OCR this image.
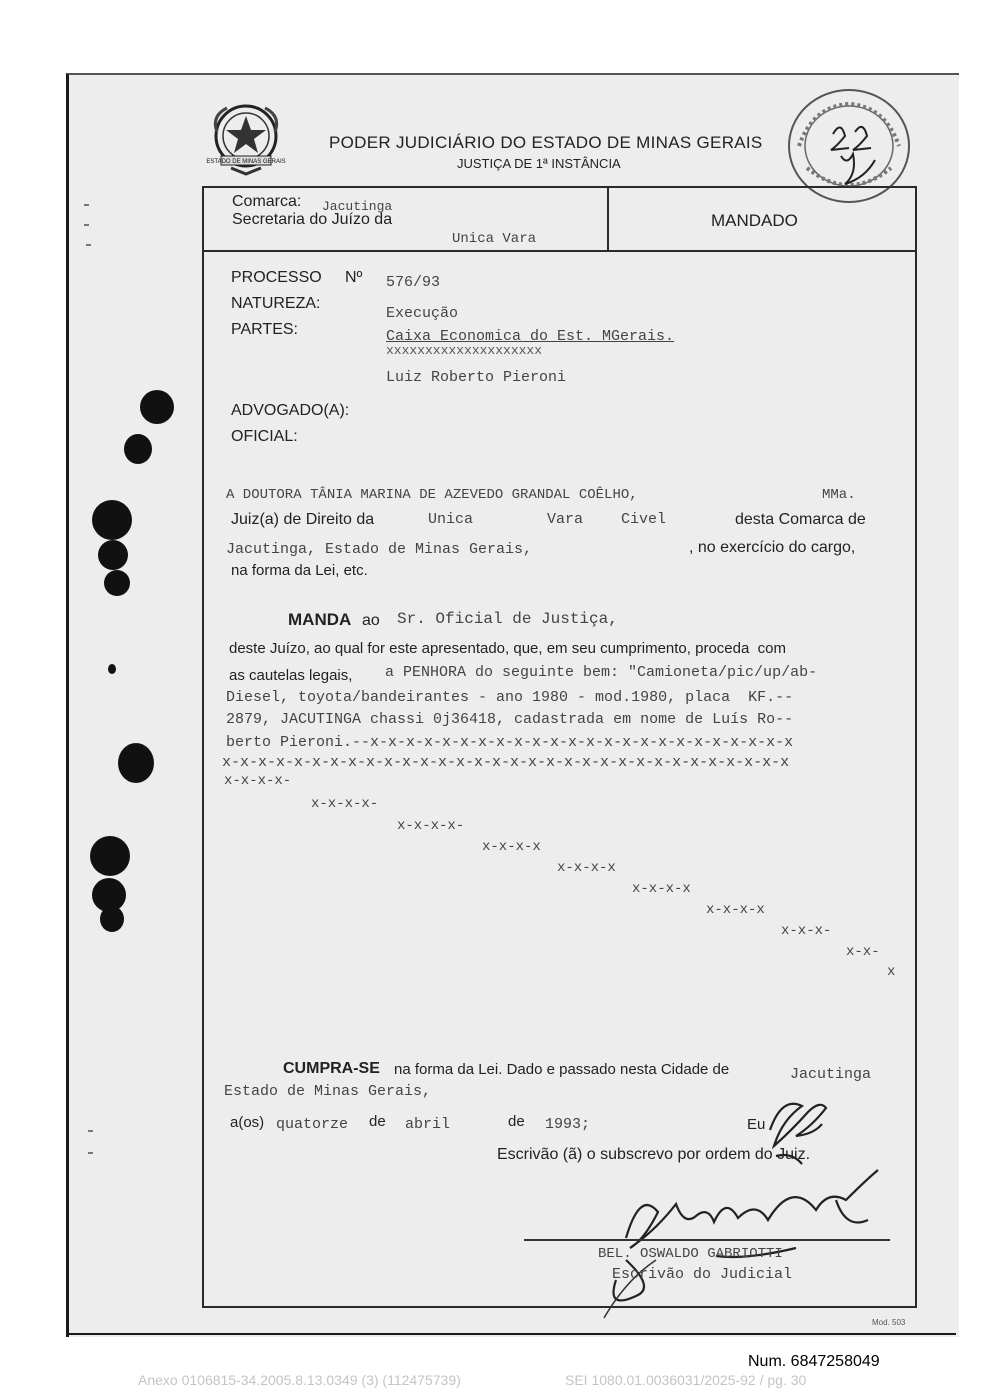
ESTADO DE MINAS GERAIS
PODER JUDICIÁRIO DO ESTADO DE MINAS GERAIS
JUSTIÇA DE 1ª INSTÂNCIA
Comarca: Jacutinga
Secretaria do Juízo da
Unica Vara
MANDADO
PROCESSO Nº 576/93
NATUREZA:
Execução
PARTES:	Caixa Economica do Est. MGerais.
xxxxxxxxxxxxxxxxxxxx
Luiz Roberto Pieroni
ADVOGADO(A):
OFICIAL:
A DOUTORA TÂNIA MARINA DE AZEVEDO GRANDAL COÊLHO,	MMa.
Juiz(a) de Direito da	Unica	Vara	Civel	desta Comarca de
Jacutinga, Estado de Minas Gerais,	, no exercício do cargo,
na forma da Lei, etc.
MANDA ao Sr. Oficial de Justiça,
deste Juízo, ao qual for este apresentado, que, em seu cumprimento, proceda  com
as cautelas legais, a PENHORA do seguinte bem: "Camioneta/pic/up/ab-
Diesel, toyota/bandeirantes - ano 1980 - mod.1980, placa  KF.--
2879, JACUTINGA chassi 0j36418, cadastrada em nome de Luís Ro--
berto Pieroni.--x-x-x-x-x-x-x-x-x-x-x-x-x-x-x-x-x-x-x-x-x-x-x-x
x-x-x-x-x-x-x-x-x-x-x-x-x-x-x-x-x-x-x-x-x-x-x-x-x-x-x-x-x-x-x-x
x-x-x-x-
x-x-x-x-
x-x-x-x-
x-x-x-x
x-x-x-x
x-x-x-x
x-x-x-x
x-x-x-
x-x-
x
CUMPRA-SE na forma da Lei. Dado e passado nesta Cidade de	Jacutinga
Estado de Minas Gerais,
a(os) quatorze de abril	de 1993;	Eu
Escrivão (ã) o subscrevo por ordem do Juiz.
BEL. OSWALDO GABRIOTTI
Escrivão do Judicial
Mod. 503
Num. 6847258049
Anexo 0106815-34.2005.8.13.0349 (3) (112475739)	SEI 1080.01.0036031/2025-92 / pg. 30
